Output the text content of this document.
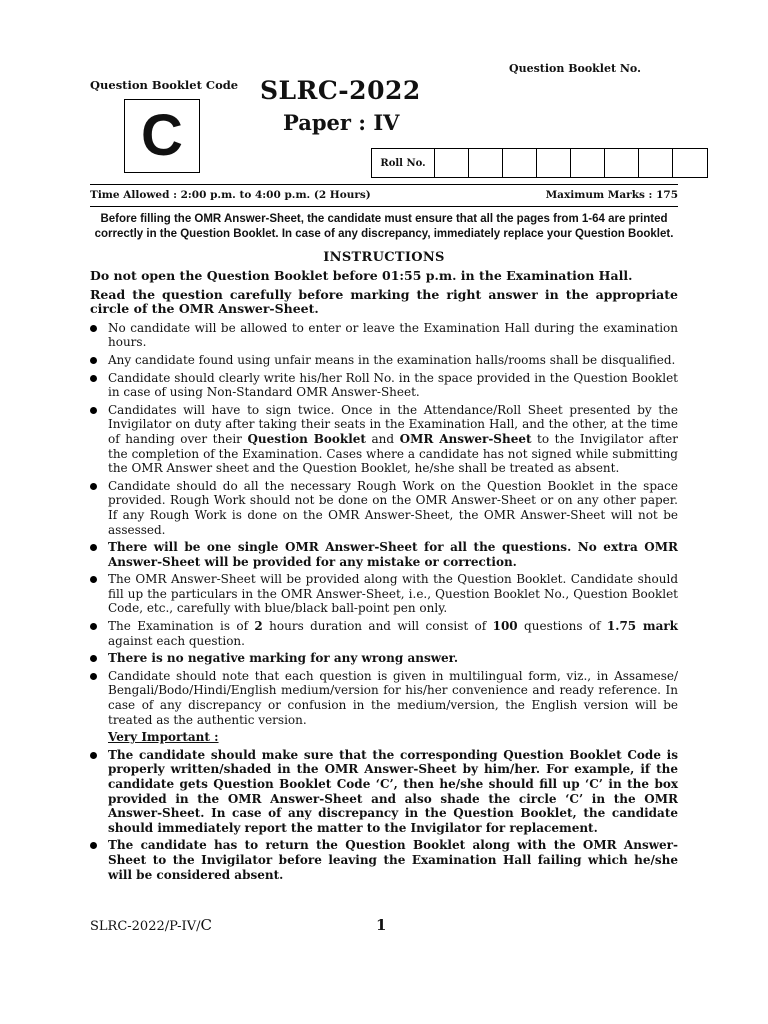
Question Booklet Code
Question Booklet No.
SLRC-2022
Paper : IV
C	Roll No.
Time Allowed : 2:00 p.m. to 4:00 p.m. (2 Hours)	Maximum Marks : 175
Before filling the OMR Answer-Sheet, the candidate must ensure that all the pages from 1-64 are printed
correctly in the Question Booklet. In case of any discrepancy, immediately replace your Question Booklet.
INSTRUCTIONS

Do not open the Question Booklet before 01:55 p.m. in the Examination Hall.

Read the question carefully before marking the right answer in the appropriate circle of the OMR Answer-Sheet.

No candidate will be allowed to enter or leave the Examination Hall during the examination hours.
Any candidate found using unfair means in the examination halls/rooms shall be disqualified.
Candidate should clearly write his/her Roll No. in the space provided in the Question Booklet in case of using Non-Standard OMR Answer-Sheet.
Candidates will have to sign twice. Once in the Attendance/Roll Sheet presented by the Invigilator on duty after taking their seats in the Examination Hall, and the other, at the time of handing over their Question Booklet and OMR Answer-Sheet to the Invigilator after the completion of the Examination. Cases where a candidate has not signed while submitting the OMR Answer sheet and the Question Booklet, he/she shall be treated as absent.
Candidate should do all the necessary Rough Work on the Question Booklet in the space provided. Rough Work should not be done on the OMR Answer-Sheet or on any other paper. If any Rough Work is done on the OMR Answer-Sheet, the OMR Answer-Sheet will not be assessed.
There will be one single OMR Answer-Sheet for all the questions. No extra OMR Answer-Sheet will be provided for any mistake or correction.
The OMR Answer-Sheet will be provided along with the Question Booklet. Candidate should fill up the particulars in the OMR Answer-Sheet, i.e., Question Booklet No., Question Booklet Code, etc., carefully with blue/black ball-point pen only.
The Examination is of 2 hours duration and will consist of 100 questions of 1.75 mark against each question.
There is no negative marking for any wrong answer.
Candidate should note that each question is given in multilingual form, viz., in Assamese/ Bengali/Bodo/Hindi/English medium/version for his/her convenience and ready reference. In case of any discrepancy or confusion in the medium/version, the English version will be treated as the authentic version.
Very Important :
The candidate should make sure that the corresponding Question Booklet Code is properly written/shaded in the OMR Answer-Sheet by him/her. For example, if the candidate gets Question Booklet Code ‘C’, then he/she should fill up ‘C’ in the box provided in the OMR Answer-Sheet and also shade the circle ‘C’ in the OMR Answer-Sheet. In case of any discrepancy in the Question Booklet, the candidate should immediately report the matter to the Invigilator for replacement.
The candidate has to return the Question Booklet along with the OMR Answer-Sheet to the Invigilator before leaving the Examination Hall failing which he/she will be considered absent.
SLRC-2022/P-IV/C	1
